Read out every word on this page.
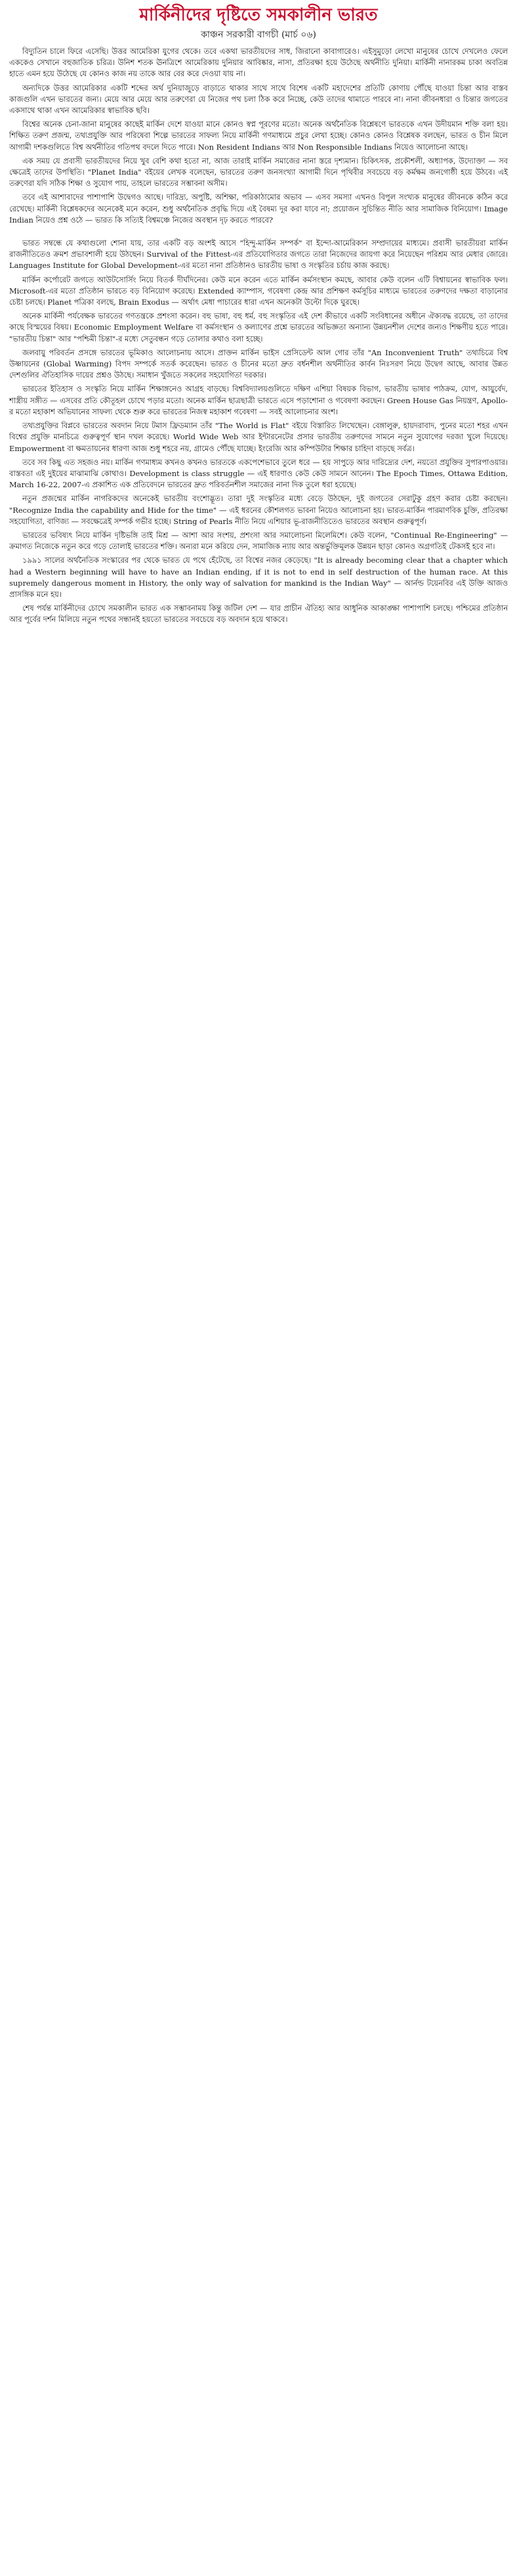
মার্কিনীদের দৃষ্টিতে সমকালীন ভারত
কাঞ্চন সরকারী বাগচী (মার্চ ০৬)

বিদ্যুতিন চালে ফিরে এসেছি। উত্তর আমেরিকা যুগের থেকে। তবে একথা ভারতীয়দের সাধ, জিরানো কাবাগারেও। এইসুমুড়ো লেখো মানুষের চোখে দেখলেও ফেলে এককেও সেখানে বহুজাতিক চরিত্র। উনিশ শতক ঊনত্রিশে আমেরিকায় দুনিয়ার আবিষ্কার, নাসা, প্রতিরক্ষা হয়ে উঠেছে অর্থনীতি দুনিয়া। মার্কিনী নানারকম চাকা অবতিন্ন হাতে এমন হয়ে উঠেছে যে কোনও কাজ নয় তাকে আর বের করে দেওয়া যায় না।

অন্যদিকে উত্তর আমেরিকার একটি শব্দের অর্থ দুনিয়াজুড়ে বাড়াতে থাকার সাথে সাথে বিশেষ একটি মহাদেশের প্রতিটি কোণায় পৌঁছে যাওয়া চিন্তা আর বাস্তব কাজগুলি এখন ভারতের জন্য। মেয়ে আর মেয়ে আর তরুণেরা যে নিজের পথ চলা ঠিক করে নিচ্ছে, কেউ তাদের থামাতে পারবে না। নানা জীবনধারা ও চিন্তার জগতের একসাথে থাকা এখন আমেরিকার স্বাভাবিক ছবি।

বিশ্বের অনেক চেনা-জানা মানুষের কাছেই মার্কিন দেশে যাওয়া মানে কোনও স্বপ্ন পূরণের মতো। অনেক অর্থনৈতিক বিশ্লেষণে ভারতকে এখন উদীয়মান শক্তি বলা হয়। শিক্ষিত তরুণ প্রজন্ম, তথ্যপ্রযুক্তি আর পরিষেবা শিল্পে ভারতের সাফল্য নিয়ে মার্কিনী গণমাধ্যমে প্রচুর লেখা হচ্ছে। কোনও কোনও বিশ্লেষক বলছেন, ভারত ও চীন মিলে আগামী দশকগুলিতে বিশ্ব অর্থনীতির গতিপথ বদলে দিতে পারে। Non Resident Indians আর Non Responsible Indians নিয়েও আলোচনা আছে।

এক সময় যে প্রবাসী ভারতীয়দের নিয়ে খুব বেশি কথা হতো না, আজ তারাই মার্কিন সমাজের নানা স্তরে দৃশ্যমান। চিকিৎসক, প্রকৌশলী, অধ্যাপক, উদ্যোক্তা — সব ক্ষেত্রেই তাদের উপস্থিতি। "Planet India" বইয়ের লেখক বলেছেন, ভারতের তরুণ জনসংখ্যা আগামী দিনে পৃথিবীর সবচেয়ে বড় কর্মক্ষম জনগোষ্ঠী হয়ে উঠবে। এই তরুণেরা যদি সঠিক শিক্ষা ও সুযোগ পায়, তাহলে ভারতের সম্ভাবনা অসীম।

তবে এই আশাবাদের পাশাপাশি উদ্বেগও আছে। দারিদ্র্য, অপুষ্টি, অশিক্ষা, পরিকাঠামোর অভাব — এসব সমস্যা এখনও বিপুল সংখ্যক মানুষের জীবনকে কঠিন করে রেখেছে। মার্কিনী বিশ্লেষকদের অনেকেই মনে করেন, শুধু অর্থনৈতিক প্রবৃদ্ধি দিয়ে এই বৈষম্য দূর করা যাবে না; প্রয়োজন সুচিন্তিত নীতি আর সামাজিক বিনিয়োগ। Image Indian নিয়েও প্রশ্ন ওঠে — ভারত কি সত্যিই বিশ্বমঞ্চে নিজের অবস্থান দৃঢ় করতে পারবে?

ভারত সম্বন্ধে যে কথাগুলো শোনা যায়, তার একটি বড় অংশই আসে "হিন্দু-মার্কিন সম্পর্ক" বা ইন্দো-আমেরিকান সম্প্রদায়ের মাধ্যমে। প্রবাসী ভারতীয়রা মার্কিন রাজনীতিতেও ক্রমশ প্রভাবশালী হয়ে উঠছেন। Survival of the Fittest-এর প্রতিযোগিতার জগতে তারা নিজেদের জায়গা করে নিয়েছেন পরিশ্রম আর মেধার জোরে। Languages Institute for Global Development-এর মতো নানা প্রতিষ্ঠানও ভারতীয় ভাষা ও সংস্কৃতির চর্চায় কাজ করছে।

মার্কিন কর্পোরেট জগতে আউটসোর্সিং নিয়ে বিতর্ক দীর্ঘদিনের। কেউ মনে করেন এতে মার্কিন কর্মসংস্থান কমছে, আবার কেউ বলেন এটি বিশ্বায়নের স্বাভাবিক ফল। Microsoft-এর মতো প্রতিষ্ঠান ভারতে বড় বিনিয়োগ করেছে। Extended ক্যাম্পাস, গবেষণা কেন্দ্র আর প্রশিক্ষণ কর্মসূচির মাধ্যমে ভারতের তরুণদের দক্ষতা বাড়ানোর চেষ্টা চলছে। Planet পত্রিকা বলছে, Brain Exodus — অর্থাৎ মেধা পাচারের ধারা এখন অনেকটা উল্টো দিকে ঘুরছে।

অনেক মার্কিনী পর্যবেক্ষক ভারতের গণতন্ত্রকে প্রশংসা করেন। বহু ভাষা, বহু ধর্ম, বহু সংস্কৃতির এই দেশ কীভাবে একটি সংবিধানের অধীনে ঐক্যবদ্ধ রয়েছে, তা তাদের কাছে বিস্ময়ের বিষয়। Economic Employment Welfare বা কর্মসংস্থান ও কল্যাণের প্রশ্নে ভারতের অভিজ্ঞতা অন্যান্য উন্নয়নশীল দেশের জন্যও শিক্ষণীয় হতে পারে। "ভারতীয় চিন্তা" আর "পশ্চিমী চিন্তা"-র মধ্যে সেতুবন্ধন গড়ে তোলার কথাও বলা হচ্ছে।

জলবায়ু পরিবর্তন প্রসঙ্গে ভারতের ভূমিকাও আলোচনায় আসে। প্রাক্তন মার্কিন ভাইস প্রেসিডেন্ট আল গোর তাঁর "An Inconvenient Truth" তথ্যচিত্রে বিশ্ব উষ্ণায়নের (Global Warming) বিপদ সম্পর্কে সতর্ক করেছেন। ভারত ও চীনের মতো দ্রুত বর্ধনশীল অর্থনীতির কার্বন নিঃসরণ নিয়ে উদ্বেগ আছে, আবার উন্নত দেশগুলির ঐতিহাসিক দায়ের প্রশ্নও উঠছে। সমাধান খুঁজতে সকলের সহযোগিতা দরকার।

ভারতের ইতিহাস ও সংস্কৃতি নিয়ে মার্কিন শিক্ষাঙ্গনেও আগ্রহ বাড়ছে। বিশ্ববিদ্যালয়গুলিতে দক্ষিণ এশিয়া বিষয়ক বিভাগ, ভারতীয় ভাষার পাঠক্রম, যোগ, আয়ুর্বেদ, শাস্ত্রীয় সঙ্গীত — এসবের প্রতি কৌতূহল চোখে পড়ার মতো। অনেক মার্কিন ছাত্রছাত্রী ভারতে এসে পড়াশোনা ও গবেষণা করছেন। Green House Gas নিয়ন্ত্রণ, Apollo-র মতো মহাকাশ অভিযানের সাফল্য থেকে শুরু করে ভারতের নিজস্ব মহাকাশ গবেষণা — সবই আলোচনার অংশ।

তথ্যপ্রযুক্তির বিপ্লবে ভারতের অবদান নিয়ে টমাস ফ্রিডম্যান তাঁর "The World is Flat" বইয়ে বিস্তারিত লিখেছেন। বেঙ্গালুরু, হায়দরাবাদ, পুনের মতো শহর এখন বিশ্বের প্রযুক্তি মানচিত্রে গুরুত্বপূর্ণ স্থান দখল করেছে। World Wide Web আর ইন্টারনেটের প্রসার ভারতীয় তরুণদের সামনে নতুন সুযোগের দরজা খুলে দিয়েছে। Empowerment বা ক্ষমতায়নের ধারণা আজ শুধু শহরে নয়, গ্রামেও পৌঁছে যাচ্ছে। ইংরেজি আর কম্পিউটার শিক্ষার চাহিদা বাড়ছে সর্বত্র।

তবে সব কিছু এত সহজও নয়। মার্কিন গণমাধ্যম কখনও কখনও ভারতকে একপেশেভাবে তুলে ধরে — হয় সাপুড়ে আর দারিদ্র্যের দেশ, নয়তো প্রযুক্তির সুপারপাওয়ার। বাস্তবতা এই দুইয়ের মাঝামাঝি কোথাও। Development is class struggle — এই ধারণাও কেউ কেউ সামনে আনেন। The Epoch Times, Ottawa Edition, March 16-22, 2007-এ প্রকাশিত এক প্রতিবেদনে ভারতের দ্রুত পরিবর্তনশীল সমাজের নানা দিক তুলে ধরা হয়েছে।

নতুন প্রজন্মের মার্কিন নাগরিকদের অনেকেই ভারতীয় বংশোদ্ভূত। তারা দুই সংস্কৃতির মধ্যে বেড়ে উঠছেন, দুই জগতের সেরাটুকু গ্রহণ করার চেষ্টা করছেন। "Recognize India the capability and Hide for the time" — এই ধরনের কৌশলগত ভাবনা নিয়েও আলোচনা হয়। ভারত-মার্কিন পারমাণবিক চুক্তি, প্রতিরক্ষা সহযোগিতা, বাণিজ্য — সবক্ষেত্রেই সম্পর্ক গভীর হচ্ছে। String of Pearls নীতি নিয়ে এশিয়ার ভূ-রাজনীতিতেও ভারতের অবস্থান গুরুত্বপূর্ণ।

ভারতের ভবিষ্যৎ নিয়ে মার্কিন দৃষ্টিভঙ্গি তাই মিশ্র — আশা আর সংশয়, প্রশংসা আর সমালোচনা মিলেমিশে। কেউ বলেন, "Continual Re-Engineering" — ক্রমাগত নিজেকে নতুন করে গড়ে তোলাই ভারতের শক্তি। অন্যরা মনে করিয়ে দেন, সামাজিক ন্যায় আর অন্তর্ভুক্তিমূলক উন্নয়ন ছাড়া কোনও অগ্রগতিই টেকসই হবে না।

১৯৯১ সালের অর্থনৈতিক সংস্কারের পর থেকে ভারত যে পথে হেঁটেছে, তা বিশ্বের নজর কেড়েছে। "It is already becoming clear that a chapter which had a Western beginning will have to have an Indian ending, if it is not to end in self destruction of the human race. At this supremely dangerous moment in History, the only way of salvation for mankind is the Indian Way" — আর্নল্ড টয়েনবির এই উক্তি আজও প্রাসঙ্গিক মনে হয়।

শেষ পর্যন্ত মার্কিনীদের চোখে সমকালীন ভারত এক সম্ভাবনাময় কিন্তু জটিল দেশ — যার প্রাচীন ঐতিহ্য আর আধুনিক আকাঙ্ক্ষা পাশাপাশি চলছে। পশ্চিমের প্রতিষ্ঠান আর পূর্বের দর্শন মিলিয়ে নতুন পথের সন্ধানই হয়তো ভারতের সবচেয়ে বড় অবদান হয়ে থাকবে।
